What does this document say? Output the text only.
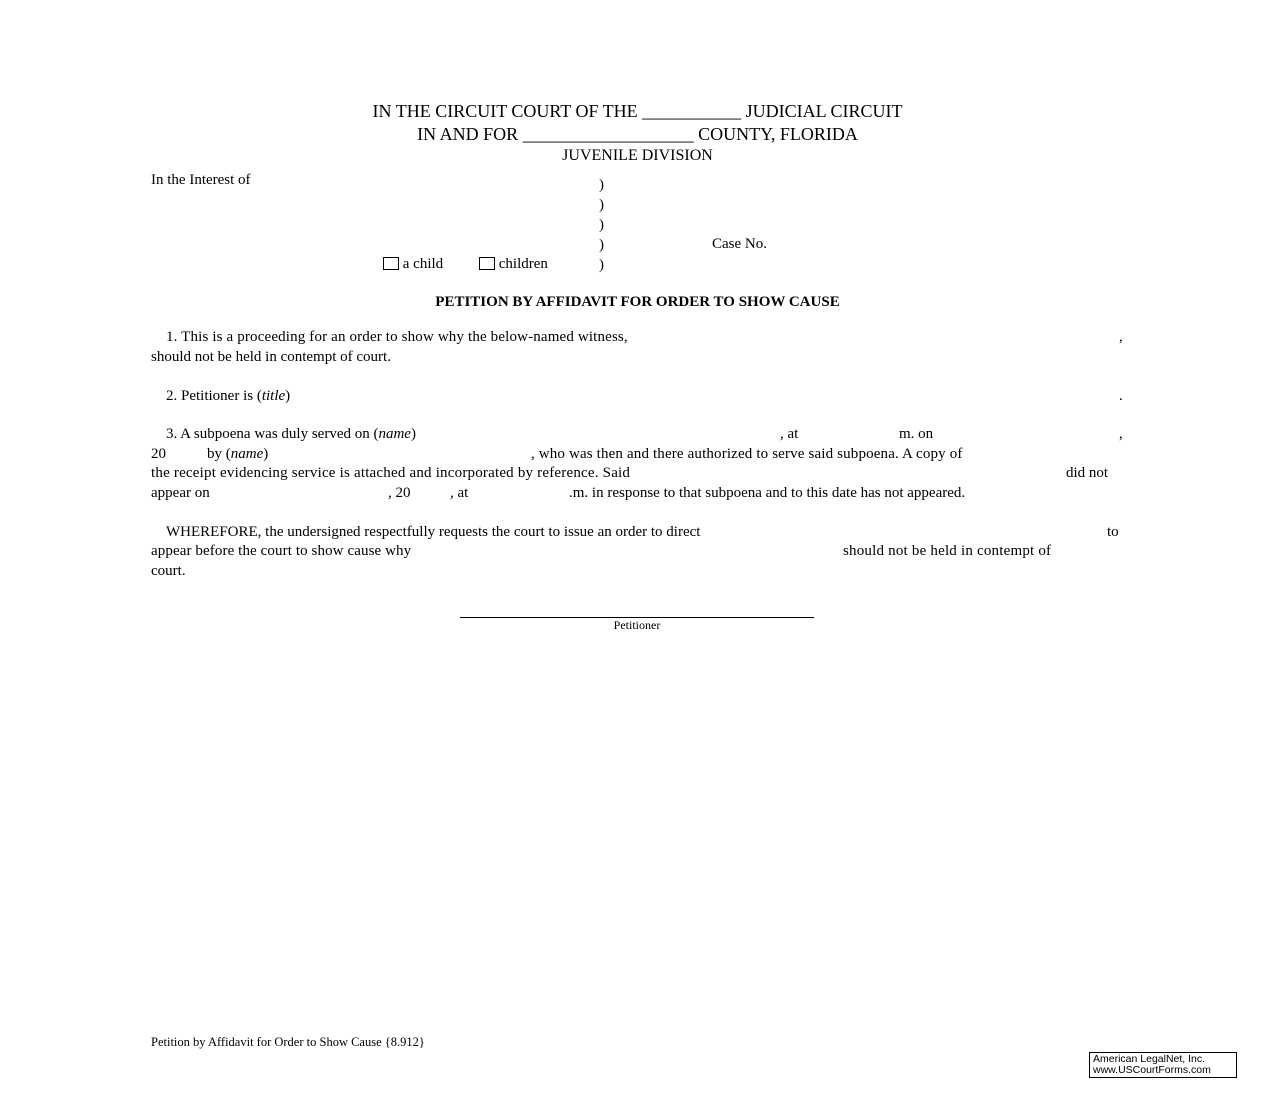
IN THE CIRCUIT COURT OF THE ___________ JUDICIAL CIRCUIT
IN AND FOR ___________________ COUNTY, FLORIDA
JUVENILE DIVISION
In the Interest of	)
)
)
)
)
Case No.
a child	children
PETITION BY AFFIDAVIT FOR ORDER TO SHOW CAUSE
1. This is a proceeding for an order to show why the below-named witness,	,
should not be held in contempt of court.
2. Petitioner is (title)	.
3. A subpoena was duly served on (name)	, at	m. on	,
20	by (name)	, who was then and there authorized to serve said subpoena. A copy of
the receipt evidencing service is attached and incorporated by reference. Said	did not
appear on	, 20	, at	.m. in response to that subpoena and to this date has not appeared.
WHEREFORE, the undersigned respectfully requests the court to issue an order to direct	to
appear before the court to show cause why	should not be held in contempt of
court.
Petitioner
Petition by Affidavit for Order to Show Cause {8.912}
American LegalNet, Inc.
www.USCourtForms.com
